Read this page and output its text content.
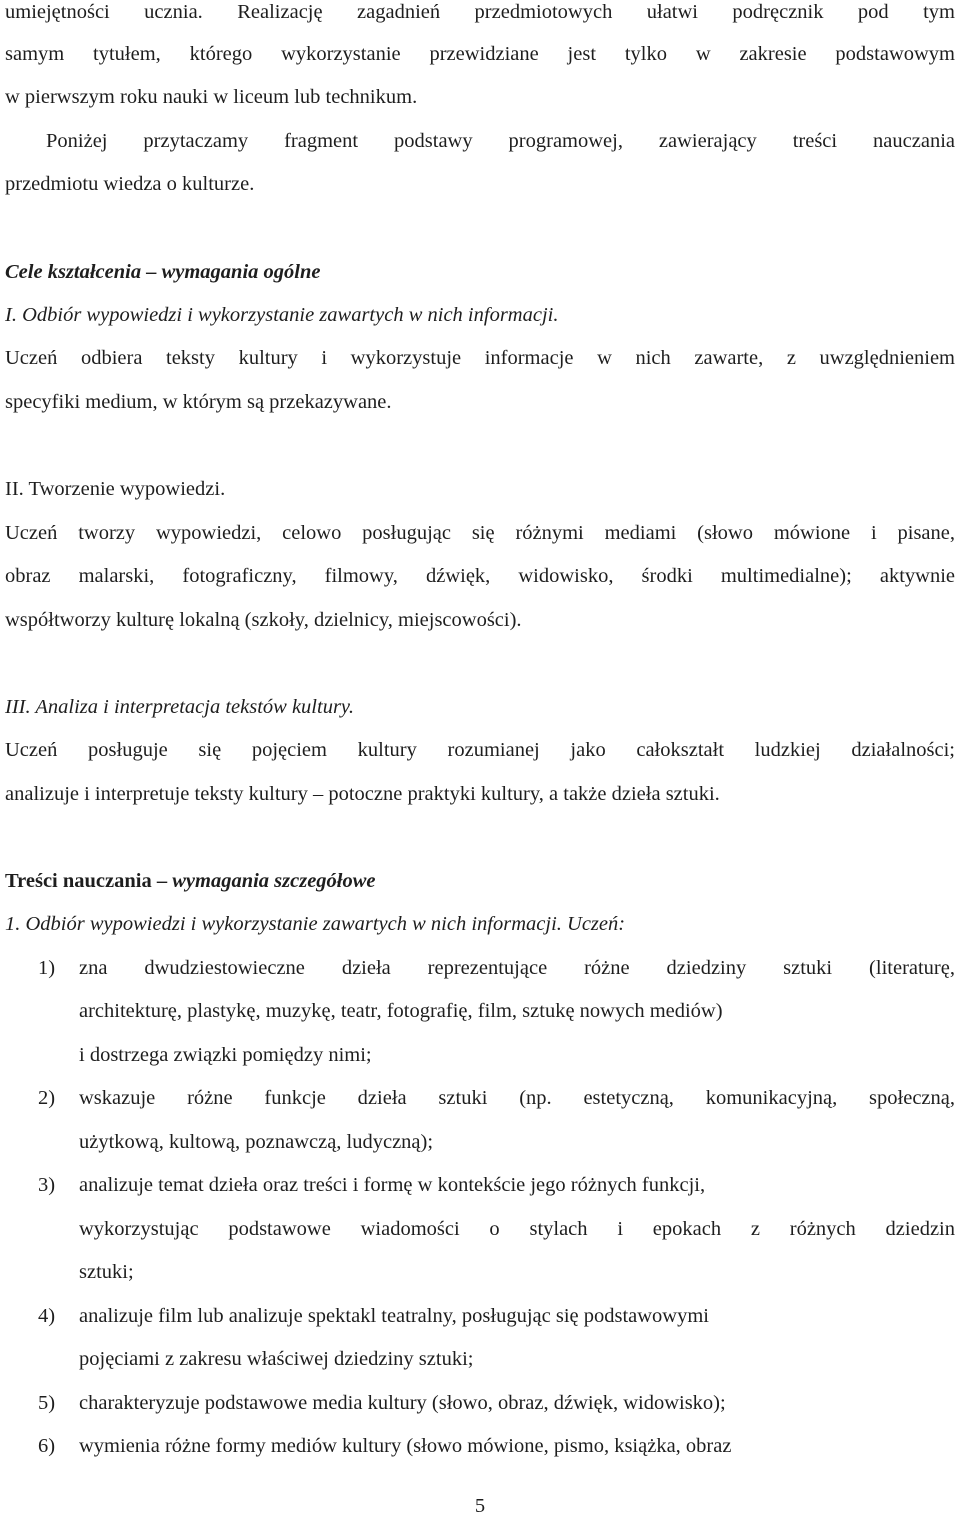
umiejętności ucznia. Realizację zagadnień przedmiotowych ułatwi podręcznik pod tym
samym tytułem, którego wykorzystanie przewidziane jest tylko w zakresie podstawowym
w pierwszym roku nauki w liceum lub technikum.
Poniżej przytaczamy fragment podstawy programowej, zawierający treści nauczania
przedmiotu wiedza o kulturze.
Cele kształcenia – wymagania ogólne
I. Odbiór wypowiedzi i wykorzystanie zawartych w nich informacji.
Uczeń odbiera teksty kultury i wykorzystuje informacje w nich zawarte, z uwzględnieniem
specyfiki medium, w którym są przekazywane.
II. Tworzenie wypowiedzi.
Uczeń tworzy wypowiedzi, celowo posługując się różnymi mediami (słowo mówione i pisane,
obraz malarski, fotograficzny, filmowy, dźwięk, widowisko, środki multimedialne); aktywnie
współtworzy kulturę lokalną (szkoły, dzielnicy, miejscowości).
III. Analiza i interpretacja tekstów kultury.
Uczeń posługuje się pojęciem kultury rozumianej jako całokształt ludzkiej działalności;
analizuje i interpretuje teksty kultury – potoczne praktyki kultury, a także dzieła sztuki.
Treści nauczania – wymagania szczegółowe
1. Odbiór wypowiedzi i wykorzystanie zawartych w nich informacji. Uczeń:
1) zna dwudziestowieczne dzieła reprezentujące różne dziedziny sztuki (literaturę,
architekturę, plastykę, muzykę, teatr, fotografię, film, sztukę nowych mediów)
i dostrzega związki pomiędzy nimi;
2) wskazuje różne funkcje dzieła sztuki (np. estetyczną, komunikacyjną, społeczną,
użytkową, kultową, poznawczą, ludyczną);
3) analizuje temat dzieła oraz treści i formę w kontekście jego różnych funkcji,
wykorzystując podstawowe wiadomości o stylach i epokach z różnych dziedzin
sztuki;
4) analizuje film lub analizuje spektakl teatralny, posługując się podstawowymi
pojęciami z zakresu właściwej dziedziny sztuki;
5) charakteryzuje podstawowe media kultury (słowo, obraz, dźwięk, widowisko);
6) wymienia różne formy mediów kultury (słowo mówione, pismo, książka, obraz
5
